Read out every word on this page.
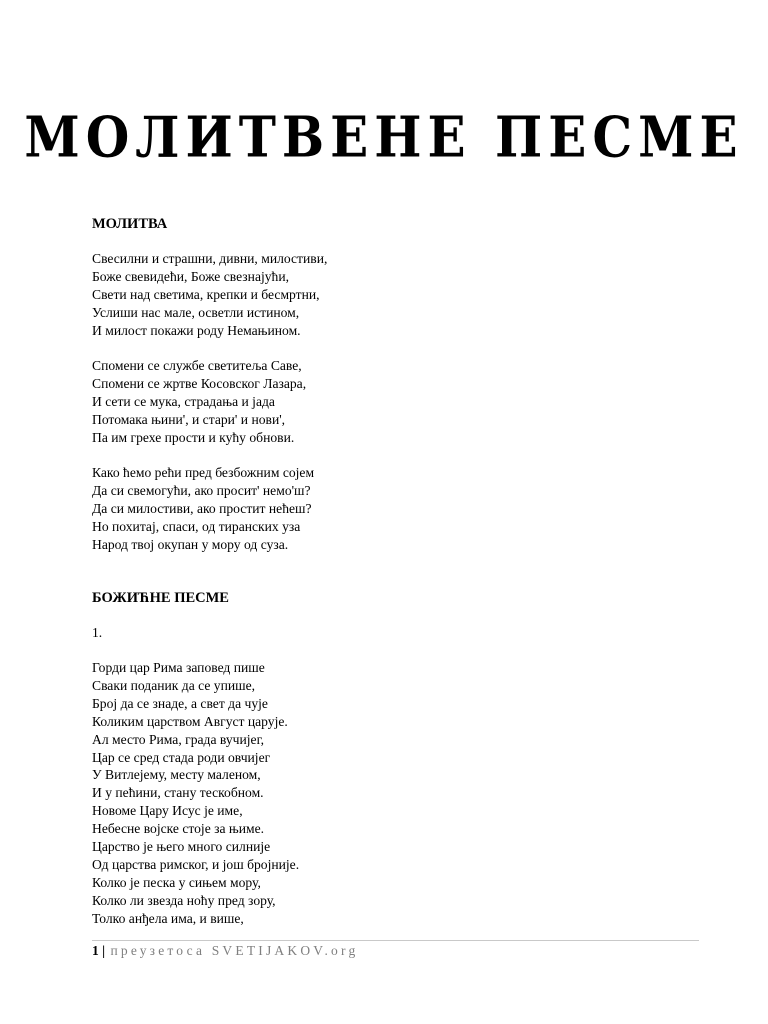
МОЛИТВЕНЕ ПЕСМЕ
МОЛИТВА
Свесилни и страшни, дивни, милостиви,
Боже свевидећи, Боже свезнајући,
Свети над светима, крепки и бесмртни,
Услиши нас мале, осветли истином,
И милост покажи роду Немањином.
Спомени се службе светитеља Саве,
Спомени се жртве Косовског Лазара,
И сети се мука, страдања и јада
Потомака њини', и стари' и нови',
Па им грехе прости и кућу обнови.
Како ћемо рећи пред безбожним сојем
Да си свемогући, ако просит' немо'ш?
Да си милостиви, ако простит нећеш?
Но похитај, спаси, од тиранских уза
Народ твој окупан у мору од суза.
БОЖИЋНЕ ПЕСМЕ
1.
Горди цар Рима заповед пише
Сваки поданик да се упише,
Број да се знаде, а свет да чује
Коликим царством Август царује.
Ал место Рима, града вучијег,
Цар се сред стада роди овчијег
У Витлејему, месту маленом,
И у пећини, стану тескобном.
Новоме Цару Исус је име,
Небесне војске стоје за њиме.
Царство је њего много силније
Од царства римског, и још бројније.
Колко је песка у сињем мору,
Колко ли звезда ноћу пред зору,
Толко анђела има, и више,
1 | преузетоса SVETIJAKOV.org
